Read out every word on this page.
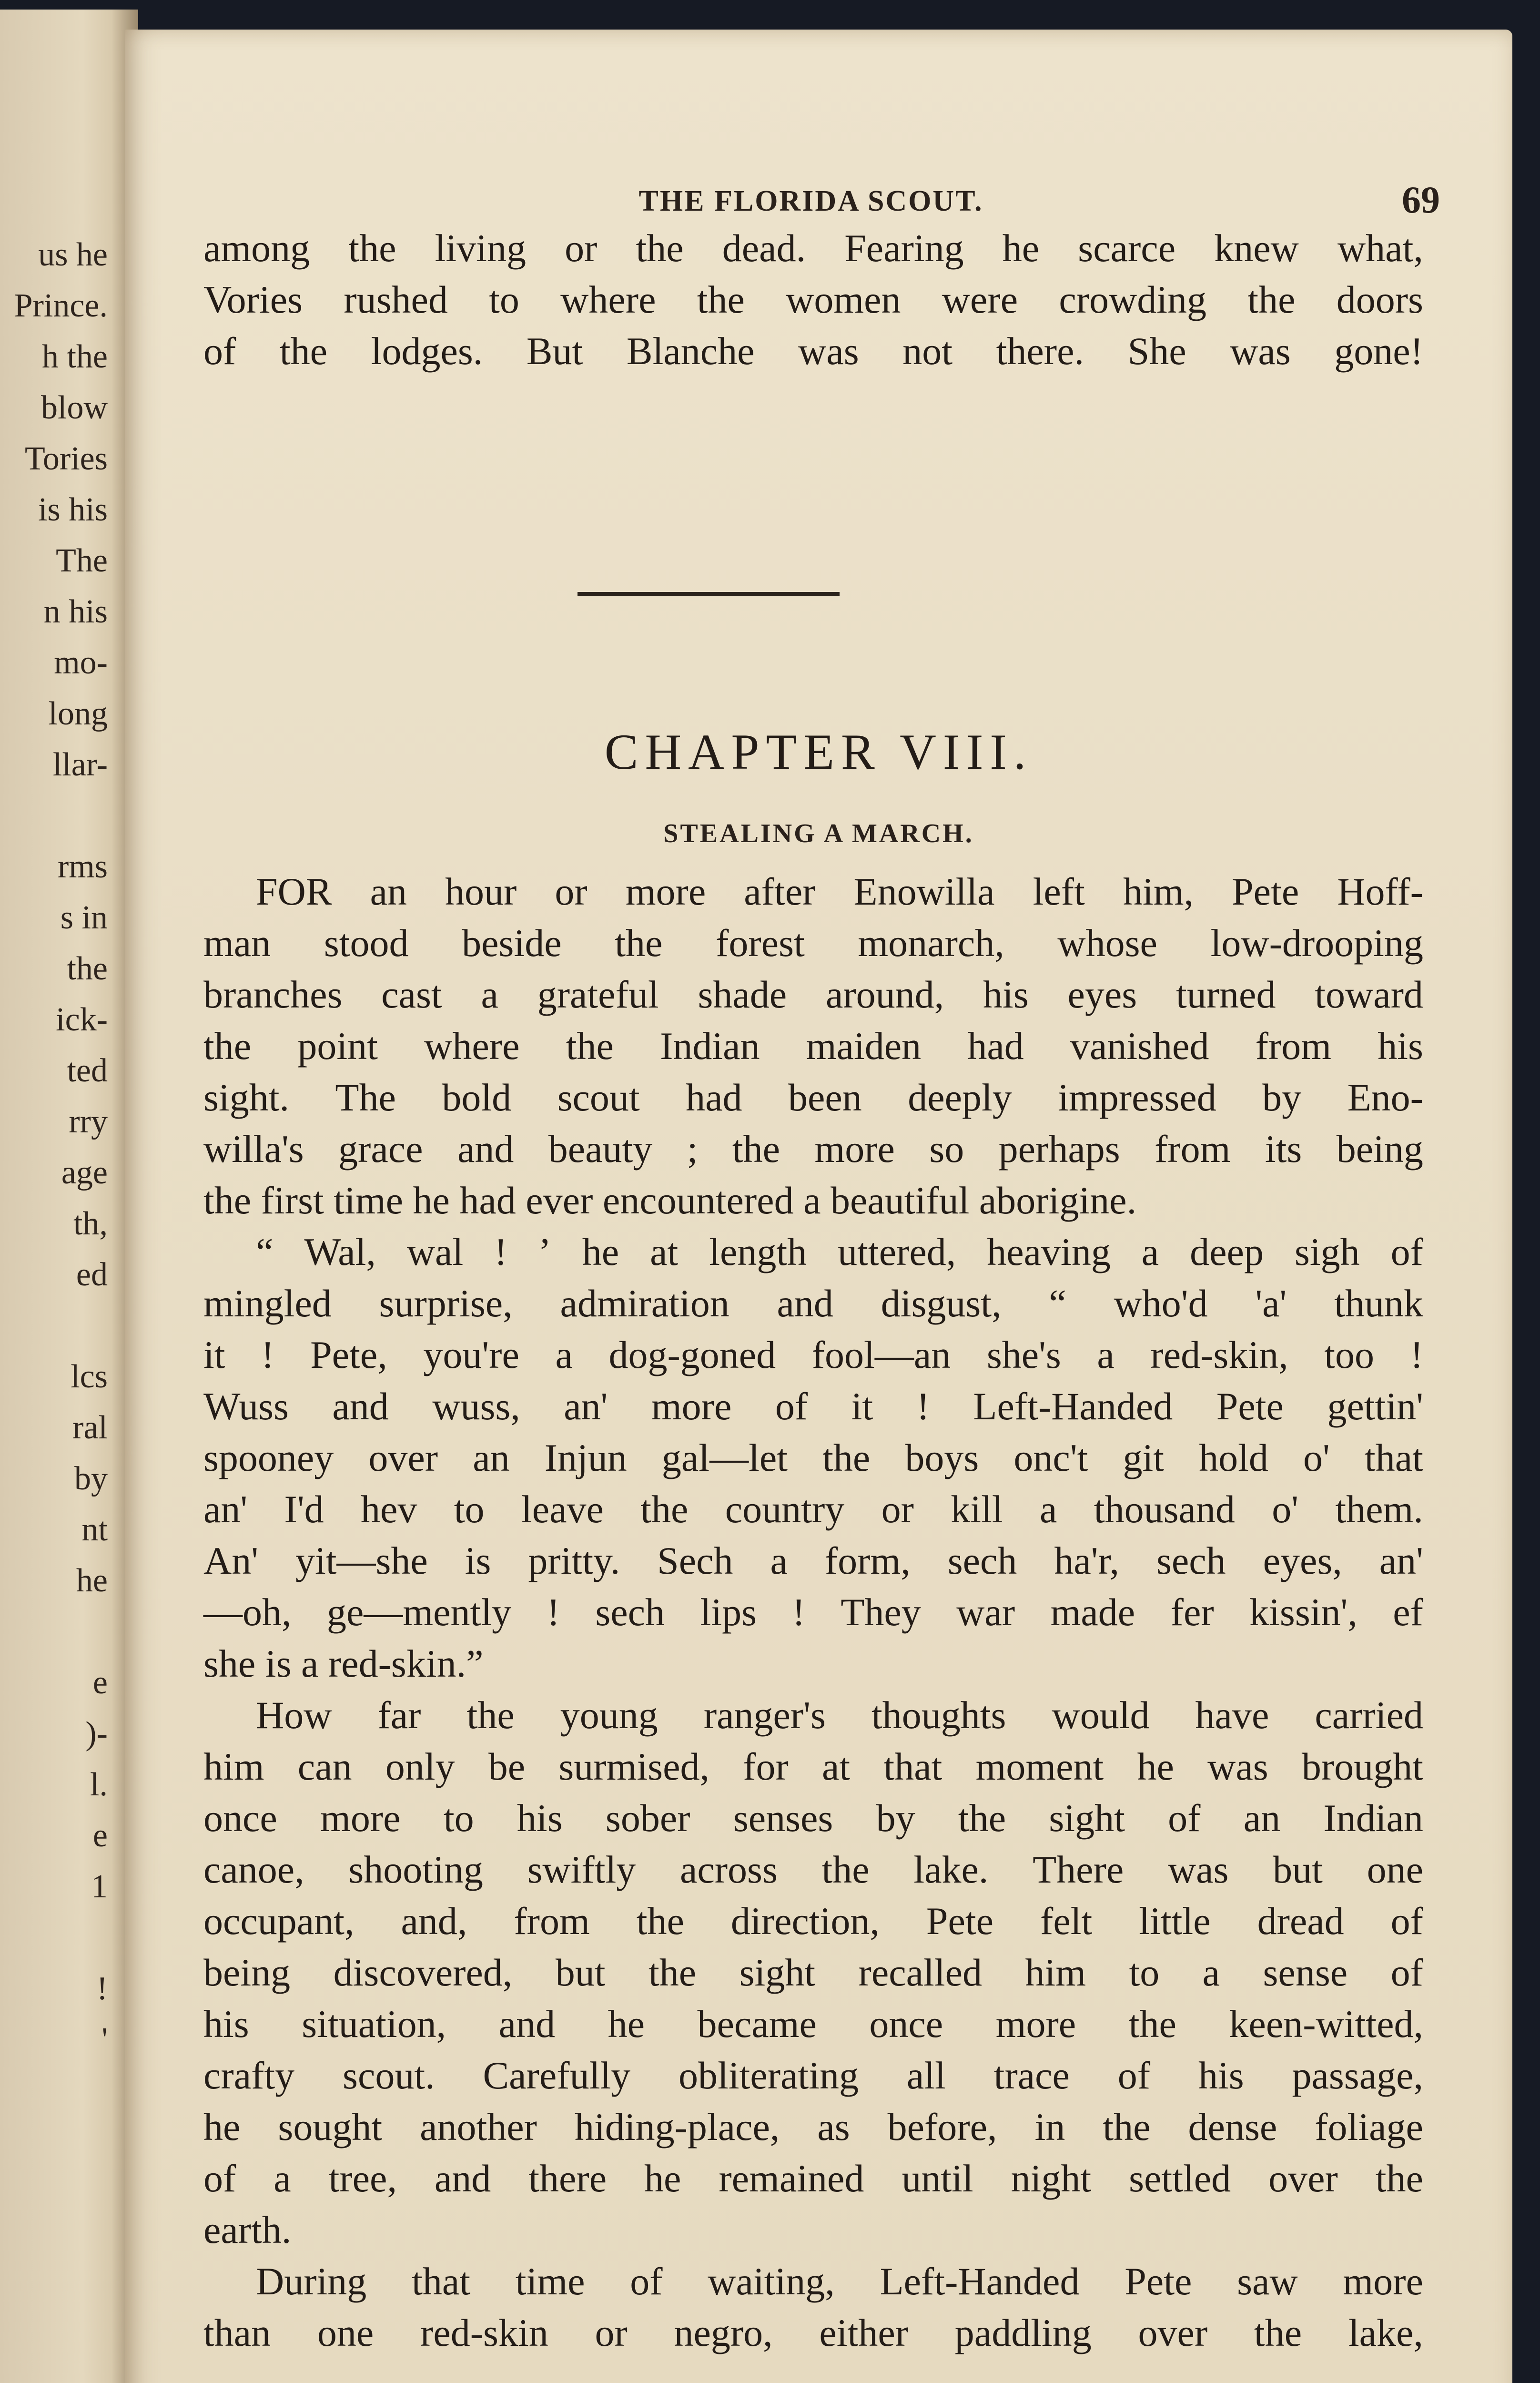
us he
Prince.
h the
blow
Tories
is his
The
n his
mo-
long
llar-
rms
s in
the
ick-
ted
rry
age
th,
ed
lcs
ral
by
nt
he
e
)-
l.
e
1
!
'
THE FLORIDA SCOUT.	69
among the living or the dead. Fearing he scarce knew what,
Vories rushed to where the women were crowding the doors
of the lodges. But Blanche was not there. She was gone!
CHAPTER VIII.
STEALING A MARCH.
FOR an hour or more after Enowilla left him, Pete Hoff-
man stood beside the forest monarch, whose low-drooping
branches cast a grateful shade around, his eyes turned toward
the point where the Indian maiden had vanished from his
sight. The bold scout had been deeply impressed by Eno-
willa's grace and beauty ; the more so perhaps from its being
the first time he had ever encountered a beautiful aborigine.
“ Wal, wal ! ’ he at length uttered, heaving a deep sigh of
mingled surprise, admiration and disgust, “ who'd 'a' thunk
it ! Pete, you're a dog-goned fool—an she's a red-skin, too !
Wuss and wuss, an' more of it ! Left-Handed Pete gettin'
spooney over an Injun gal—let the boys onc't git hold o' that
an' I'd hev to leave the country or kill a thousand o' them.
An' yit—she is pritty. Sech a form, sech ha'r, sech eyes, an'
—oh, ge—mently ! sech lips ! They war made fer kissin', ef
she is a red-skin.”
How far the young ranger's thoughts would have carried
him can only be surmised, for at that moment he was brought
once more to his sober senses by the sight of an Indian
canoe, shooting swiftly across the lake. There was but one
occupant, and, from the direction, Pete felt little dread of
being discovered, but the sight recalled him to a sense of
his situation, and he became once more the keen-witted,
crafty scout. Carefully obliterating all trace of his passage,
he sought another hiding-place, as before, in the dense foliage
of a tree, and there he remained until night settled over the
earth.
During that time of waiting, Left-Handed Pete saw more
than one red-skin or negro, either paddling over the lake,
